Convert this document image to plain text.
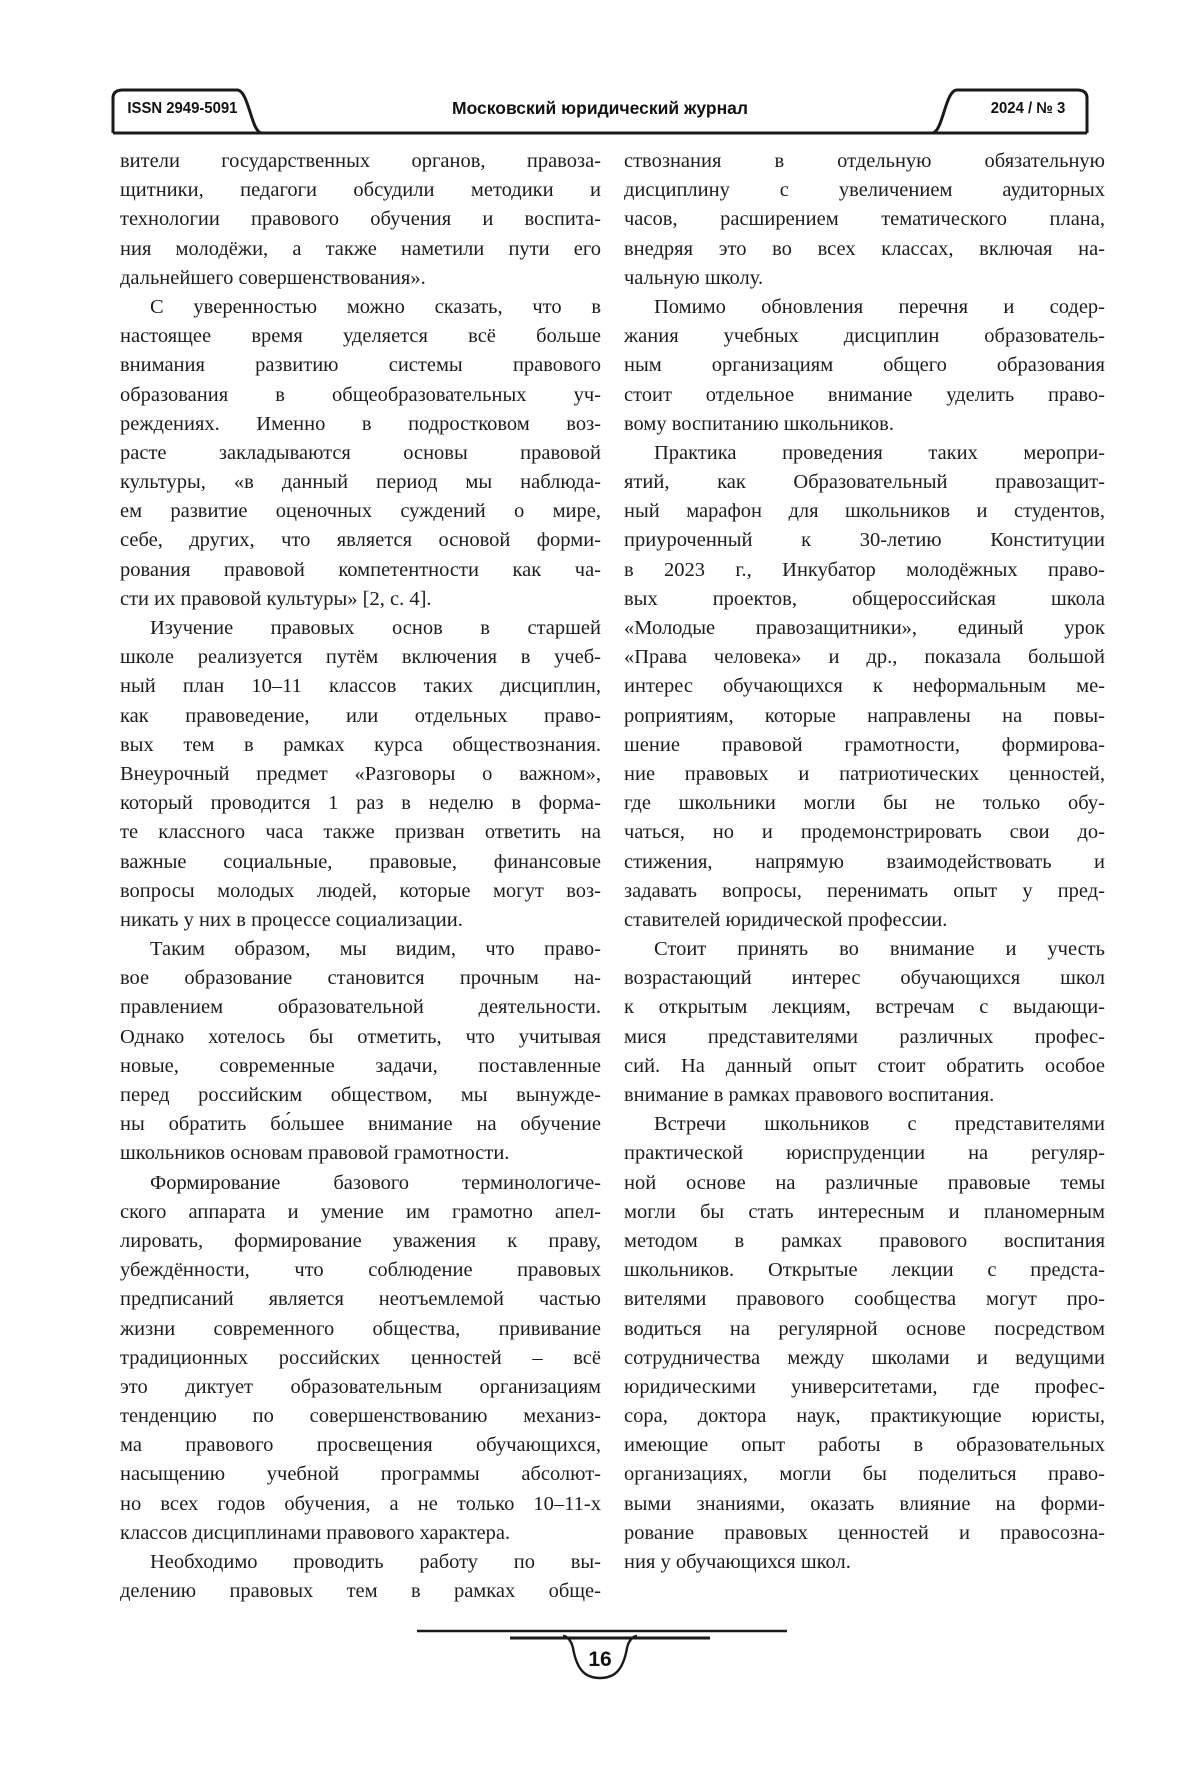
ISSN 2949-5091	Московский юридический журнал	2024 / № 3
вители государственных органов, правоза-
щитники, педагоги обсудили методики и
технологии правового обучения и воспита-
ния молодёжи, а также наметили пути его
дальнейшего совершенствования».
С уверенностью можно сказать, что в
настоящее время уделяется всё больше
внимания развитию системы правового
образования в общеобразовательных уч-
реждениях. Именно в подростковом воз-
расте закладываются основы правовой
культуры, «в данный период мы наблюда-
ем развитие оценочных суждений о мире,
себе, других, что является основой форми-
рования правовой компетентности как ча-
сти их правовой культуры» [2, с. 4].
Изучение правовых основ в старшей
школе реализуется путём включения в учеб-
ный план 10–11 классов таких дисциплин,
как правоведение, или отдельных право-
вых тем в рамках курса обществознания.
Внеурочный предмет «Разговоры о важном»,
который проводится 1 раз в неделю в форма-
те классного часа также призван ответить на
важные социальные, правовые, финансовые
вопросы молодых людей, которые могут воз-
никать у них в процессе социализации.
Таким образом, мы видим, что право-
вое образование становится прочным на-
правлением образовательной деятельности.
Однако хотелось бы отметить, что учитывая
новые, современные задачи, поставленные
перед российским обществом, мы вынужде-
ны обратить бо́льшее внимание на обучение
школьников основам правовой грамотности.
Формирование базового терминологиче-
ского аппарата и умение им грамотно апел-
лировать, формирование уважения к праву,
убеждённости, что соблюдение правовых
предписаний является неотъемлемой частью
жизни современного общества, прививание
традиционных российских ценностей – всё
это диктует образовательным организациям
тенденцию по совершенствованию механиз-
ма правового просвещения обучающихся,
насыщению учебной программы абсолют-
но всех годов обучения, а не только 10–11-х
классов дисциплинами правового характера.
Необходимо проводить работу по вы-
делению правовых тем в рамках обще-
ствознания в отдельную обязательную
дисциплину с увеличением аудиторных
часов, расширением тематического плана,
внедряя это во всех классах, включая на-
чальную школу.
Помимо обновления перечня и содер-
жания учебных дисциплин образователь-
ным организациям общего образования
стоит отдельное внимание уделить право-
вому воспитанию школьников.
Практика проведения таких меропри-
ятий, как Образовательный правозащит-
ный марафон для школьников и студентов,
приуроченный к 30-летию Конституции
в 2023 г., Инкубатор молодёжных право-
вых проектов, общероссийская школа
«Молодые правозащитники», единый урок
«Права человека» и др., показала большой
интерес обучающихся к неформальным ме-
роприятиям, которые направлены на повы-
шение правовой грамотности, формирова-
ние правовых и патриотических ценностей,
где школьники могли бы не только обу-
чаться, но и продемонстрировать свои до-
стижения, напрямую взаимодействовать и
задавать вопросы, перенимать опыт у пред-
ставителей юридической профессии.
Стоит принять во внимание и учесть
возрастающий интерес обучающихся школ
к открытым лекциям, встречам с выдающи-
мися представителями различных профес-
сий. На данный опыт стоит обратить особое
внимание в рамках правового воспитания.
Встречи школьников с представителями
практической юриспруденции на регуляр-
ной основе на различные правовые темы
могли бы стать интересным и планомерным
методом в рамках правового воспитания
школьников. Открытые лекции с предста-
вителями правового сообщества могут про-
водиться на регулярной основе посредством
сотрудничества между школами и ведущими
юридическими университетами, где профес-
сора, доктора наук, практикующие юристы,
имеющие опыт работы в образовательных
организациях, могли бы поделиться право-
выми знаниями, оказать влияние на форми-
рование правовых ценностей и правосозна-
ния у обучающихся школ.
16
